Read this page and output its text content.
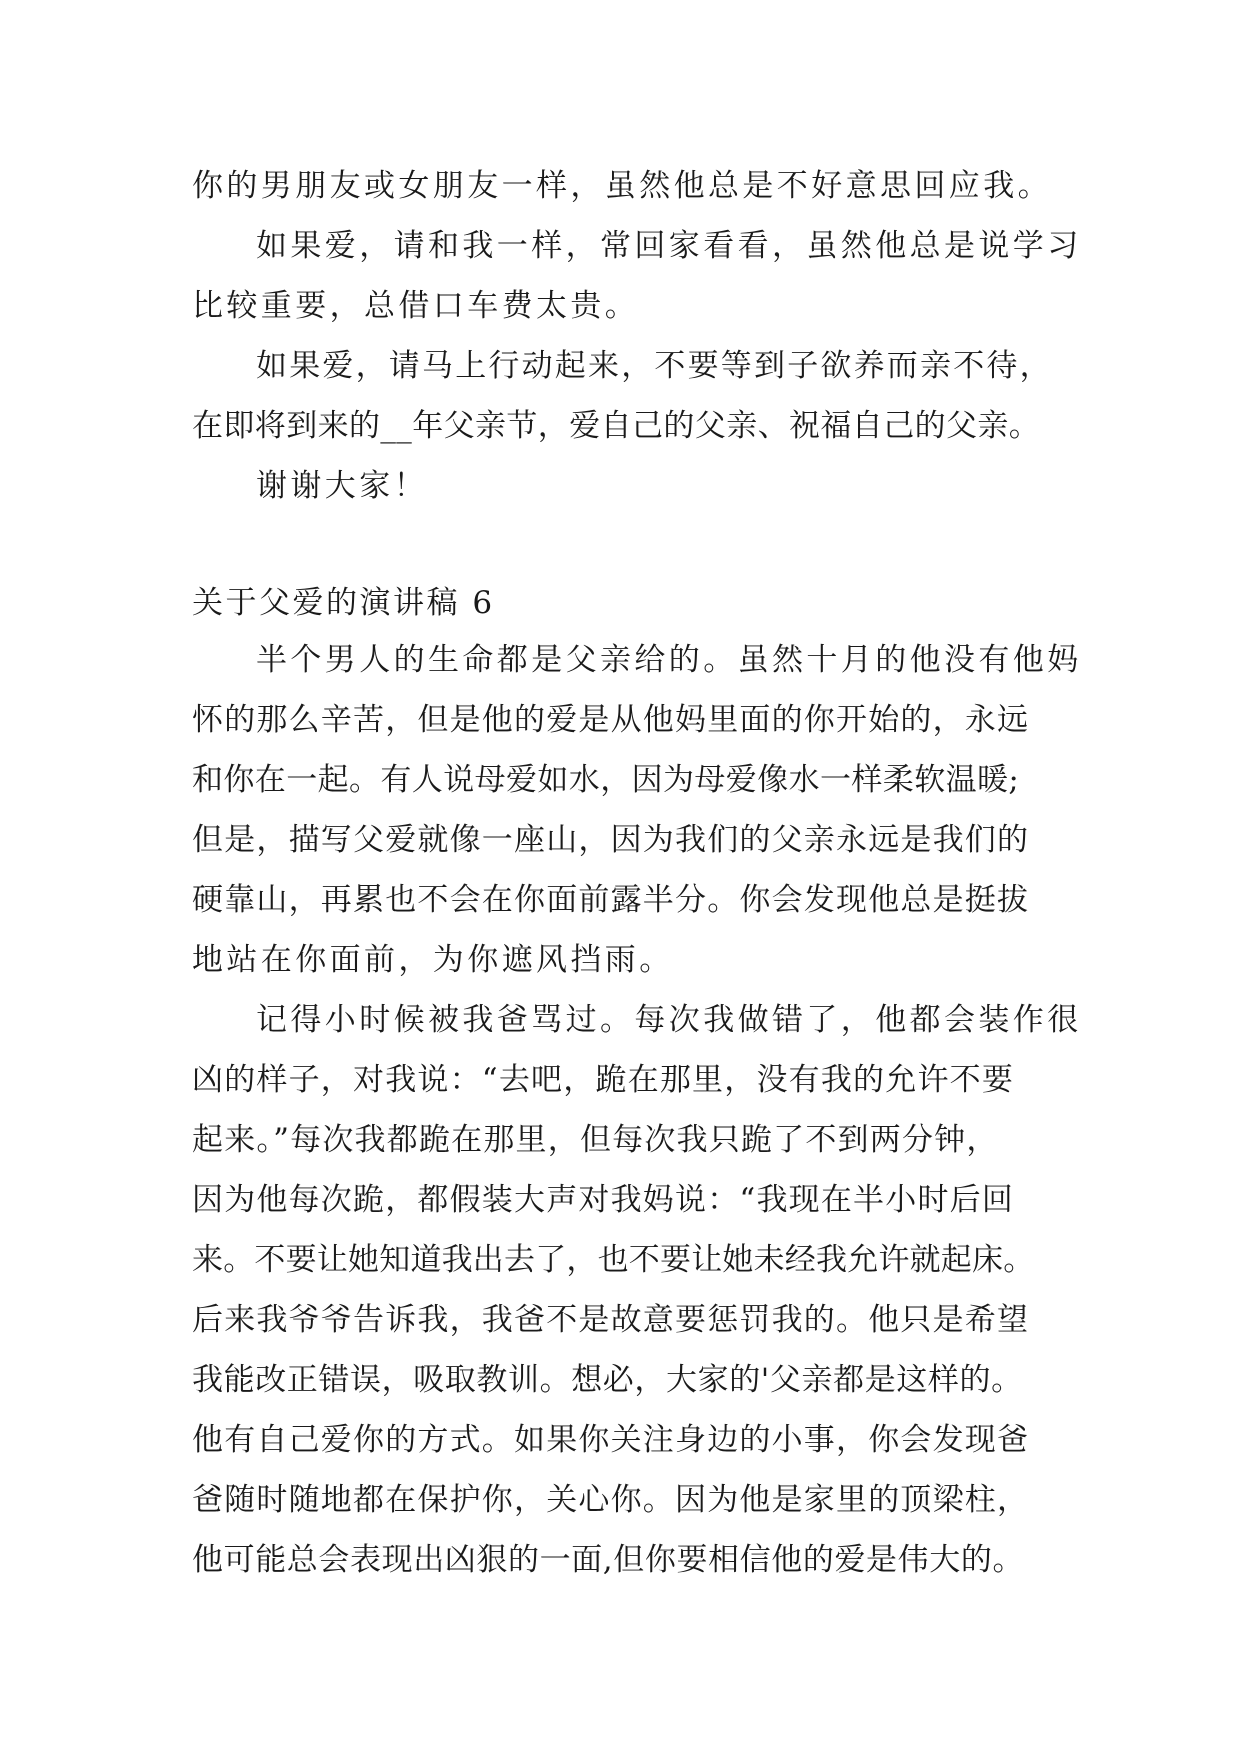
你的男朋友或女朋友一样，虽然他总是不好意思回应我。
如果爱，请和我一样，常回家看看，虽然他总是说学习
比较重要，总借口车费太贵。
如果爱，请马上行动起来，不要等到子欲养而亲不待，
在即将到来的__年父亲节，爱自己的父亲、祝福自己的父亲。
谢谢大家！
关于父爱的演讲稿 6
半个男人的生命都是父亲给的。虽然十月的他没有他妈
怀的那么辛苦，但是他的爱是从他妈里面的你开始的，永远
和你在一起。有人说母爱如水，因为母爱像水一样柔软温暖;
但是，描写父爱就像一座山，因为我们的父亲永远是我们的
硬靠山，再累也不会在你面前露半分。你会发现他总是挺拔
地站在你面前，为你遮风挡雨。
记得小时候被我爸骂过。每次我做错了，他都会装作很
凶的样子，对我说：“去吧，跪在那里，没有我的允许不要
起来。”每次我都跪在那里，但每次我只跪了不到两分钟，
因为他每次跪，都假装大声对我妈说：“我现在半小时后回
来。不要让她知道我出去了，也不要让她未经我允许就起床。
后来我爷爷告诉我，我爸不是故意要惩罚我的。他只是希望
我能改正错误，吸取教训。想必，大家的'父亲都是这样的。
他有自己爱你的方式。如果你关注身边的小事，你会发现爸
爸随时随地都在保护你，关心你。因为他是家里的顶梁柱，
他可能总会表现出凶狠的一面,但你要相信他的爱是伟大的。
